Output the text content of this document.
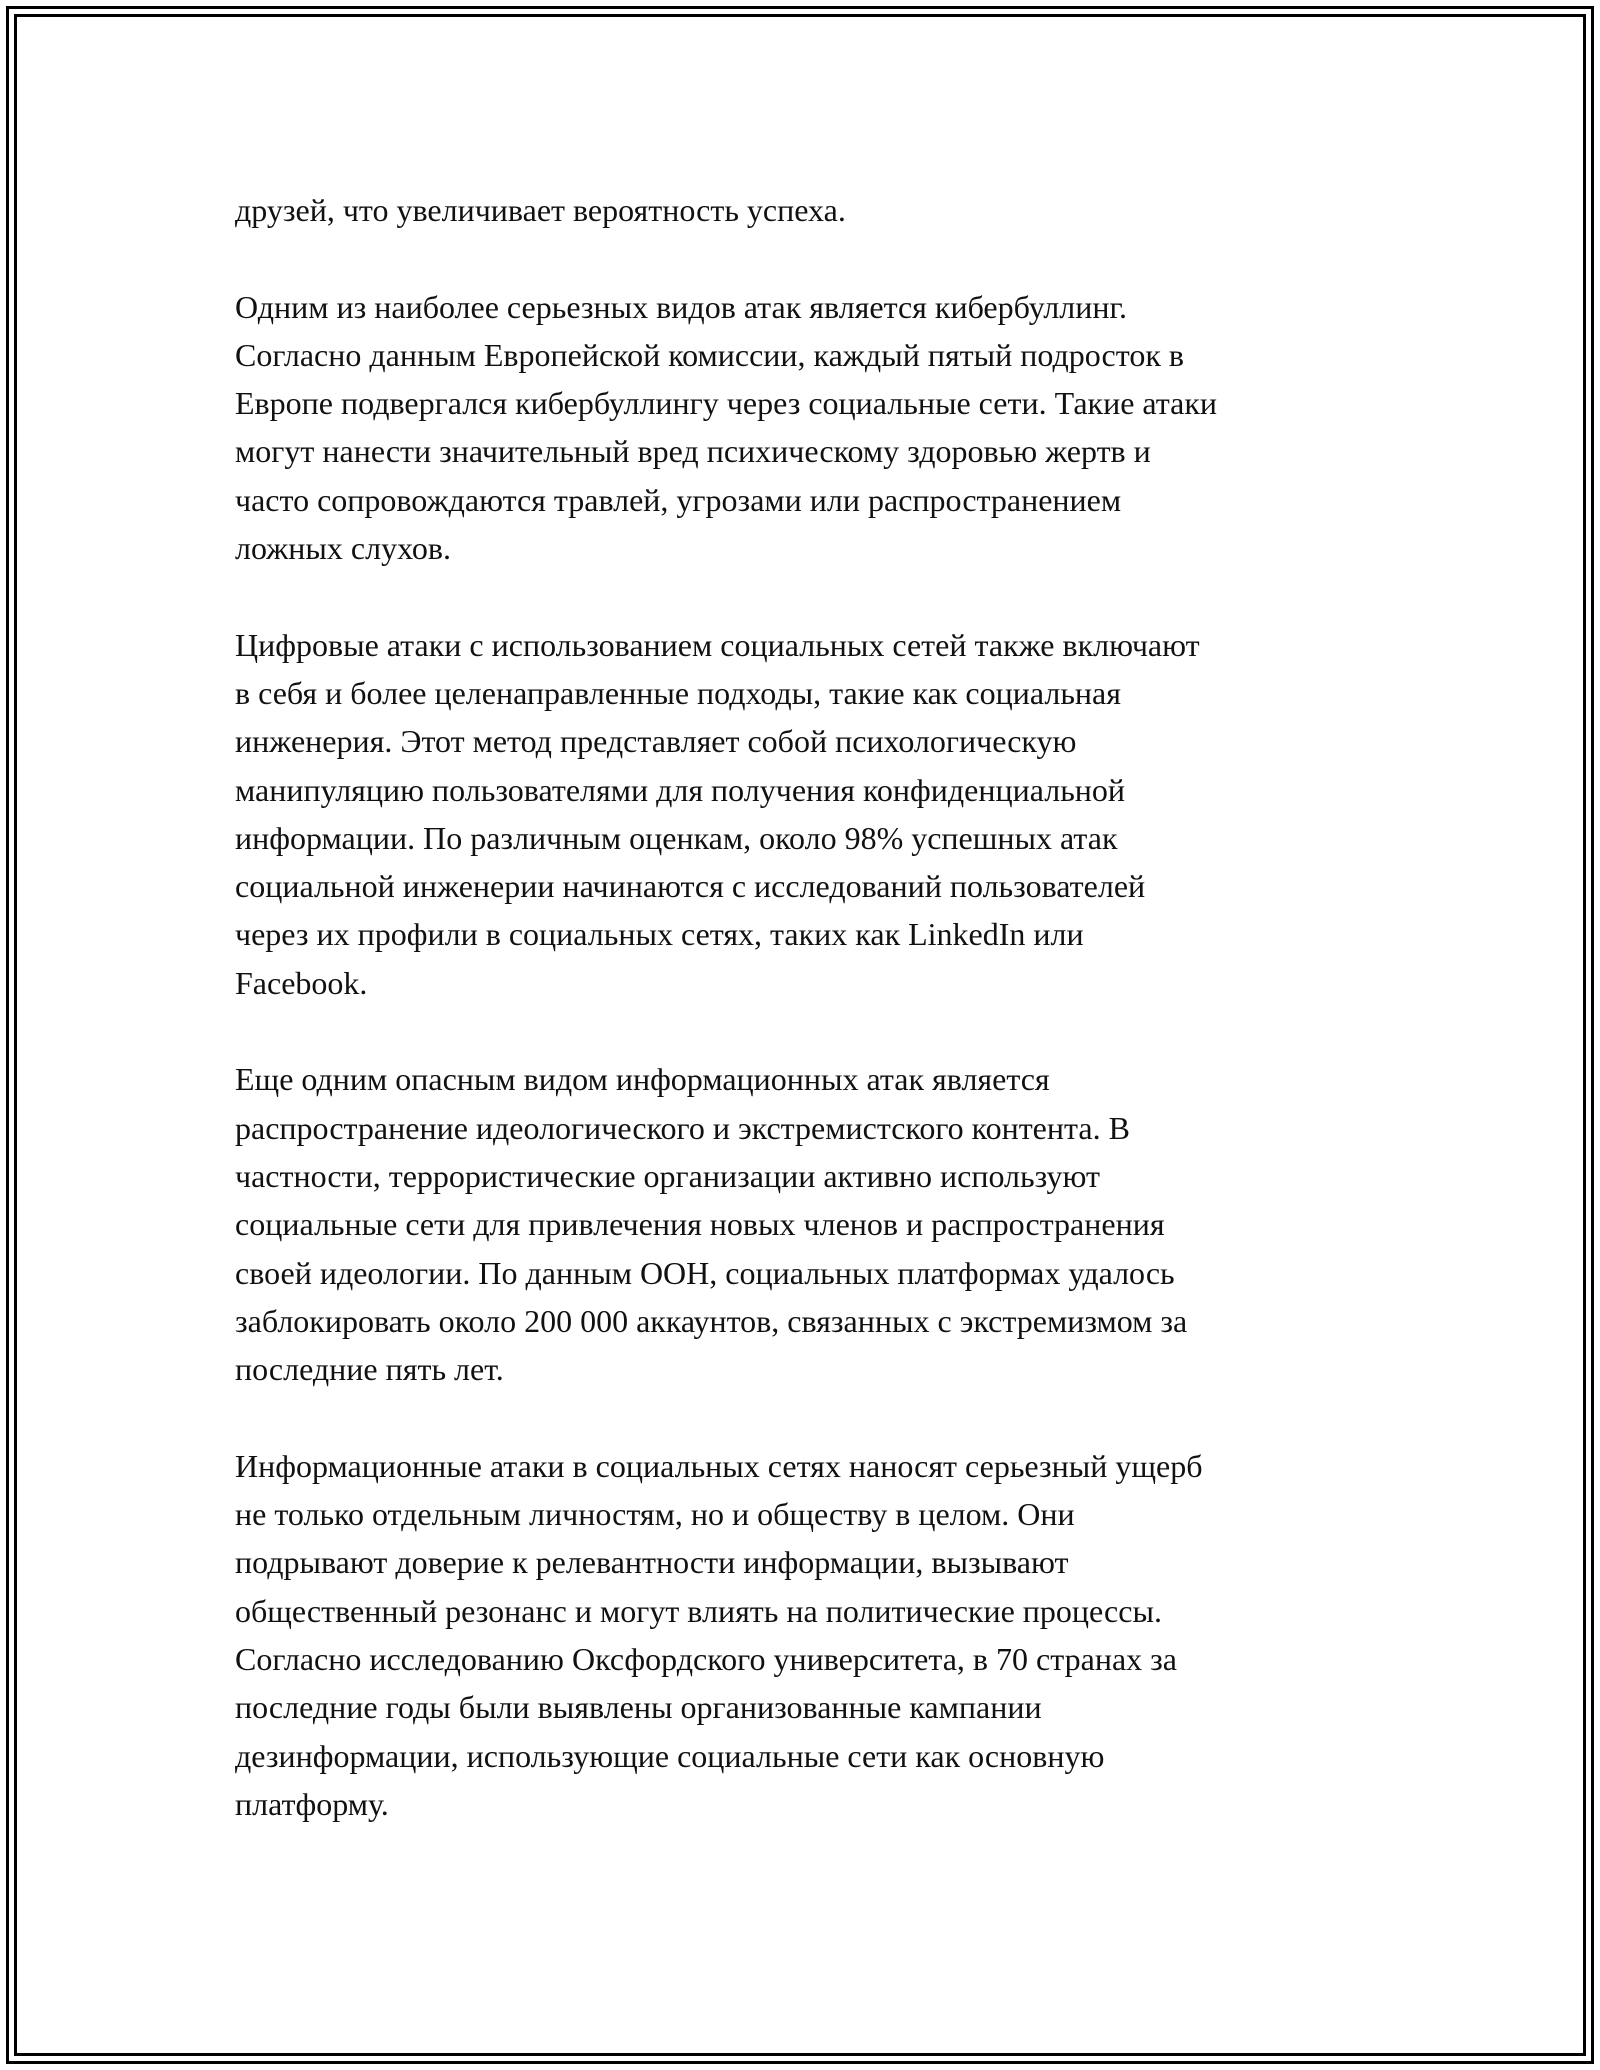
друзей, что увеличивает вероятность успеха.

Одним из наиболее серьезных видов атак является кибербуллинг.
Согласно данным Европейской комиссии, каждый пятый подросток в
Европе подвергался кибербуллингу через социальные сети. Такие атаки
могут нанести значительный вред психическому здоровью жертв и
часто сопровождаются травлей, угрозами или распространением
ложных слухов.

Цифровые атаки с использованием социальных сетей также включают
в себя и более целенаправленные подходы, такие как социальная
инженерия. Этот метод представляет собой психологическую
манипуляцию пользователями для получения конфиденциальной
информации. По различным оценкам, около 98% успешных атак
социальной инженерии начинаются с исследований пользователей
через их профили в социальных сетях, таких как LinkedIn или
Facebook.

Еще одним опасным видом информационных атак является
распространение идеологического и экстремистского контента. В
частности, террористические организации активно используют
социальные сети для привлечения новых членов и распространения
своей идеологии. По данным ООН, социальных платформах удалось
заблокировать около 200 000 аккаунтов, связанных с экстремизмом за
последние пять лет.

Информационные атаки в социальных сетях наносят серьезный ущерб
не только отдельным личностям, но и обществу в целом. Они
подрывают доверие к релевантности информации, вызывают
общественный резонанс и могут влиять на политические процессы.
Согласно исследованию Оксфордского университета, в 70 странах за
последние годы были выявлены организованные кампании
дезинформации, использующие социальные сети как основную
платформу.
